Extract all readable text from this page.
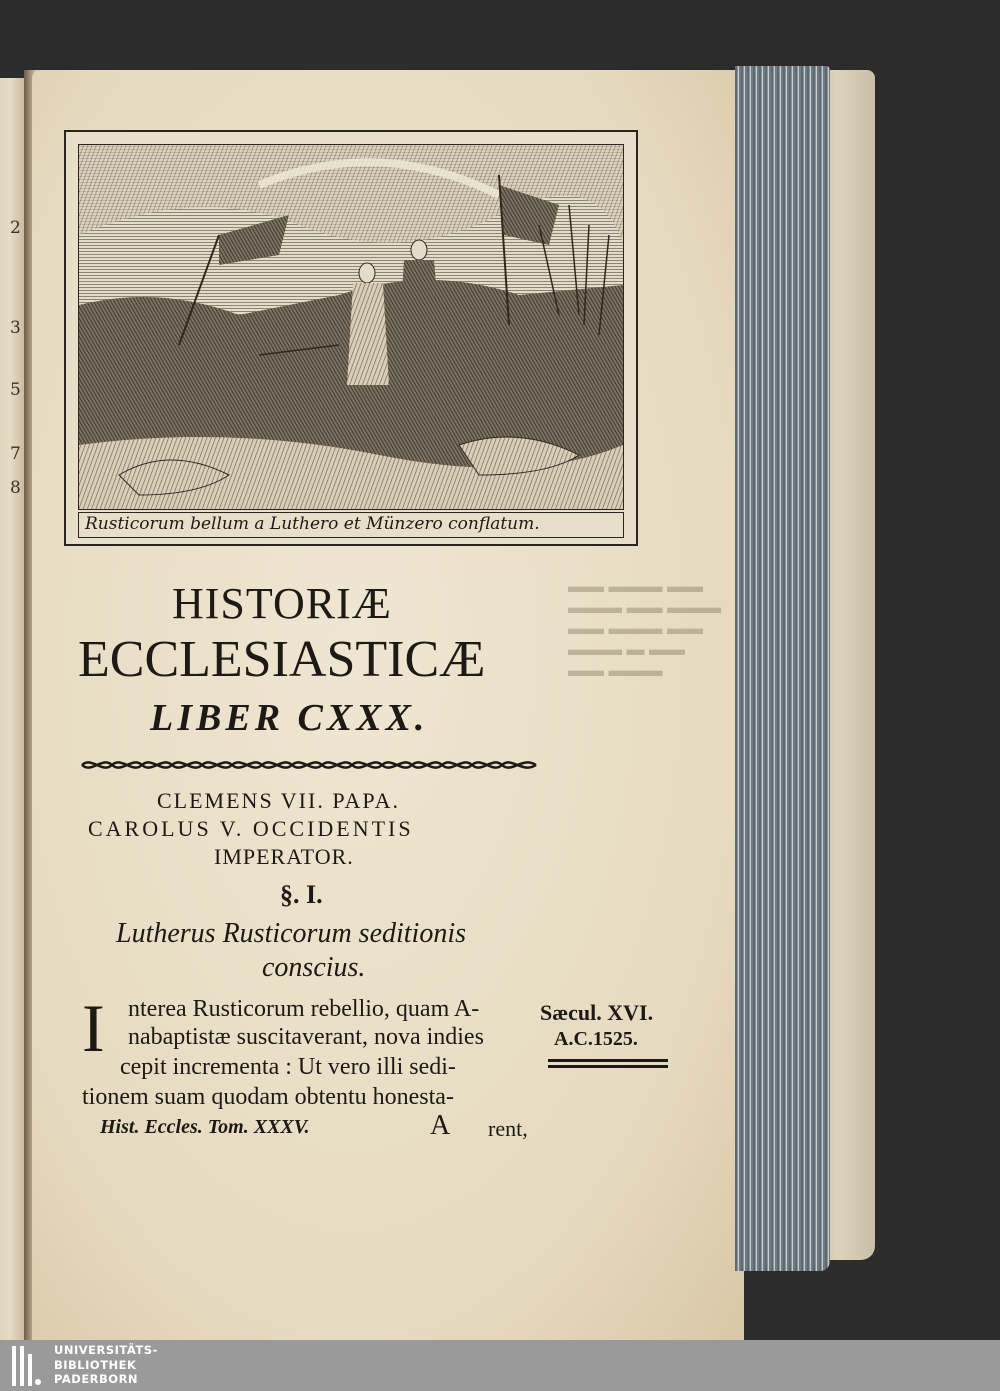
2
3
5
7
8
▬▬ ▬▬▬ ▬▬
▬▬▬ ▬▬ ▬▬▬
▬▬ ▬▬▬ ▬▬
▬▬▬ ▬ ▬▬
▬▬ ▬▬▬
Rusticorum bellum a Luthero et Münzero conflatum.
HISTORIÆ
ECCLESIASTICÆ
LIBER CXXX.
CLEMENS VII. PAPA.
CAROLUS V. OCCIDENTIS
IMPERATOR.
§. I.
Lutherus Rusticorum seditionis
conscius.
I nterea Rusticorum rebellio, quam A-
nabaptistæ suscitaverant, nova indies
cepit incrementa : Ut vero illi sedi-
tionem suam quodam obtentu honesta-
Sæcul. XVI.
A.C.1525.
Hist. Eccles. Tom. XXXV.	A rent,
UNIVERSITÄTS-
BIBLIOTHEK
PADERBORN
